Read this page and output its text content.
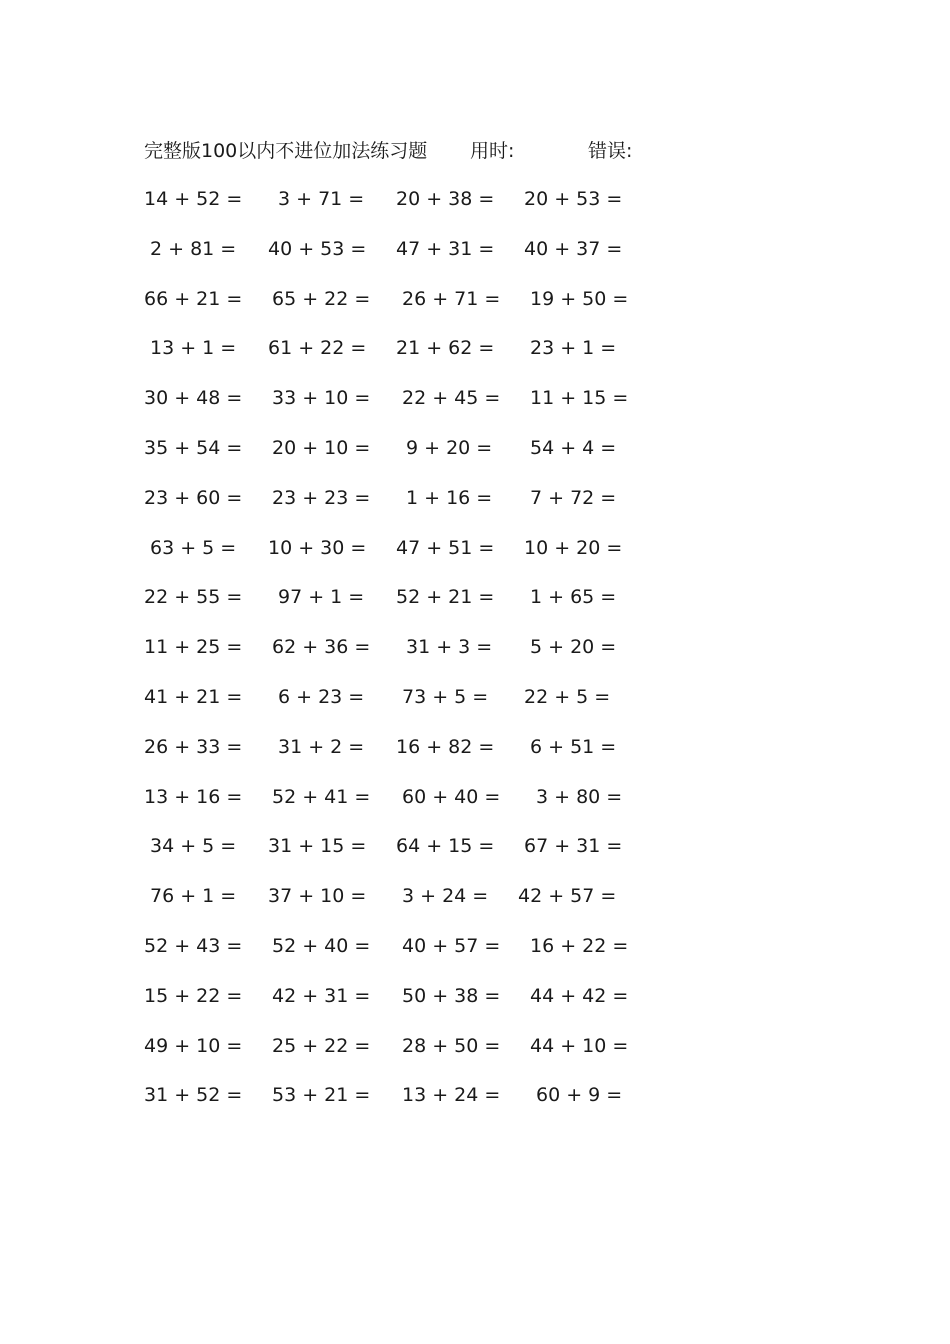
完整版100以内不进位加法练习题 用时:	错误:
14 + 52 = 3 + 71 = 20 + 38 = 20 + 53 =
2 + 81 = 40 + 53 = 47 + 31 = 40 + 37 =
66 + 21 = 65 + 22 = 26 + 71 = 19 + 50 =
13 + 1 = 61 + 22 = 21 + 62 = 23 + 1 =
30 + 48 = 33 + 10 = 22 + 45 = 11 + 15 =
35 + 54 = 20 + 10 = 9 + 20 = 54 + 4 =
23 + 60 = 23 + 23 = 1 + 16 = 7 + 72 =
63 + 5 = 10 + 30 = 47 + 51 = 10 + 20 =
22 + 55 = 97 + 1 = 52 + 21 = 1 + 65 =
11 + 25 = 62 + 36 = 31 + 3 = 5 + 20 =
41 + 21 = 6 + 23 = 73 + 5 = 22 + 5 =
26 + 33 = 31 + 2 = 16 + 82 = 6 + 51 =
13 + 16 = 52 + 41 = 60 + 40 = 3 + 80 =
34 + 5 = 31 + 15 = 64 + 15 = 67 + 31 =
76 + 1 = 37 + 10 = 3 + 24 = 42 + 57 =
52 + 43 = 52 + 40 = 40 + 57 = 16 + 22 =
15 + 22 = 42 + 31 = 50 + 38 = 44 + 42 =
49 + 10 = 25 + 22 = 28 + 50 = 44 + 10 =
31 + 52 = 53 + 21 = 13 + 24 = 60 + 9 =
